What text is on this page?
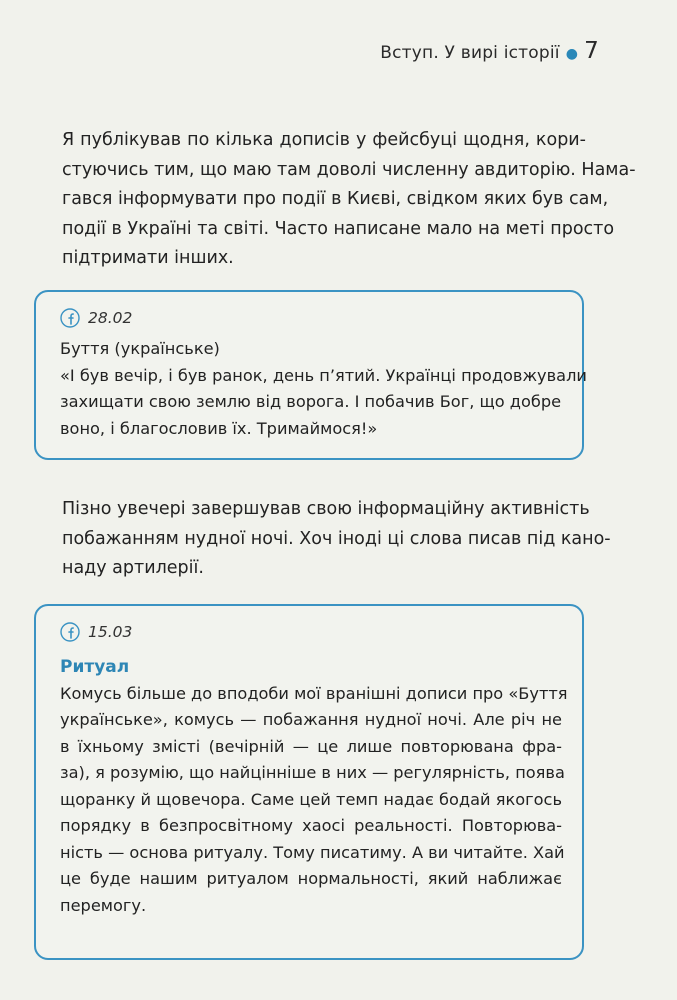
Вступ. У вирі історії ● 7

Я публікував по кілька дописів у фейсбуці щодня, кори-
стуючись тим, що маю там доволі численну авдиторію. Нама-
гався інформувати про події в Києві, свідком яких був сам,
події в Україні та світі. Часто написане мало на меті просто
підтримати інших.

28.02
Буття (українське)
«І був вечір, і був ранок, день п’ятий. Українці продовжували
захищати свою землю від ворога. І побачив Бог, що добре
воно, і благословив їх. Тримаймося!»

Пізно увечері завершував свою інформаційну активність
побажанням нудної ночі. Хоч іноді ці слова писав під кано-
наду артилерії.

15.03
Ритуал
Комусь більше до вподоби мої вранішні дописи про «Буття
українське», комусь — побажання нудної ночі. Але річ не
в їхньому змісті (вечірній — це лише повторювана фра-
за), я розумію, що найцінніше в них — регулярність, поява
щоранку й щовечора. Саме цей темп надає бодай якогось
порядку в безпросвітному хаосі реальності. Повторюва-
ність — основа ритуалу. Тому писатиму. А ви читайте. Хай
це буде нашим ритуалом нормальності, який наближає
перемогу.
